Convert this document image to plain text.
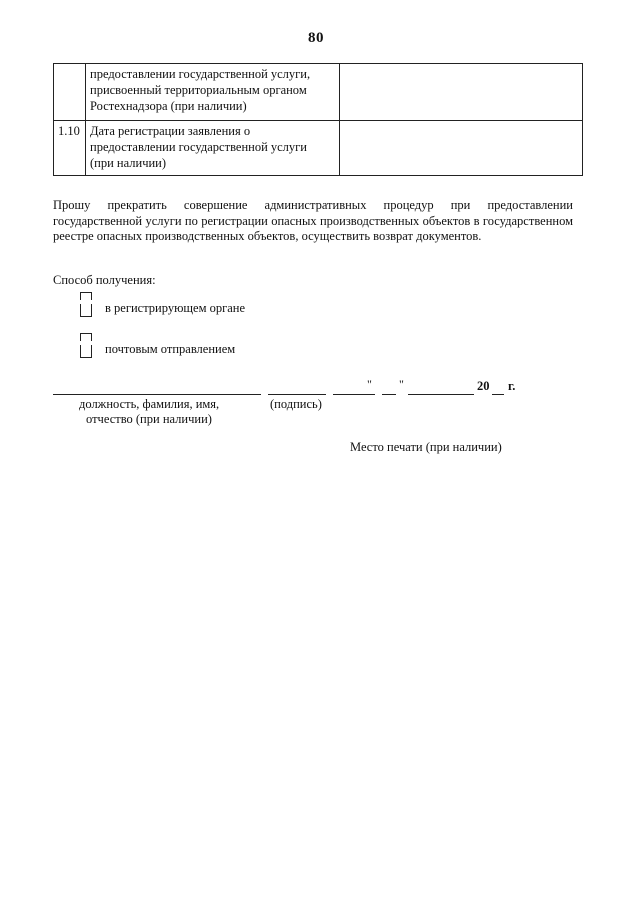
80

	предоставлении государственной услуги,
присвоенный территориальным органом
Ростехнадзора (при наличии)	

1.10	Дата регистрации заявления о
предоставлении государственной услуги
(при наличии)	

Прошу прекратить совершение административных процедур при предоставлении государственной услуги по регистрации опасных производственных объектов в государственном реестре опасных производственных объектов, осуществить возврат документов.

Способ получения:
в регистрирующем органе
почтовым отправлением
" "	20 г.
должность, фамилия, имя,
отчество (при наличии)
(подпись)
Место печати (при наличии)
